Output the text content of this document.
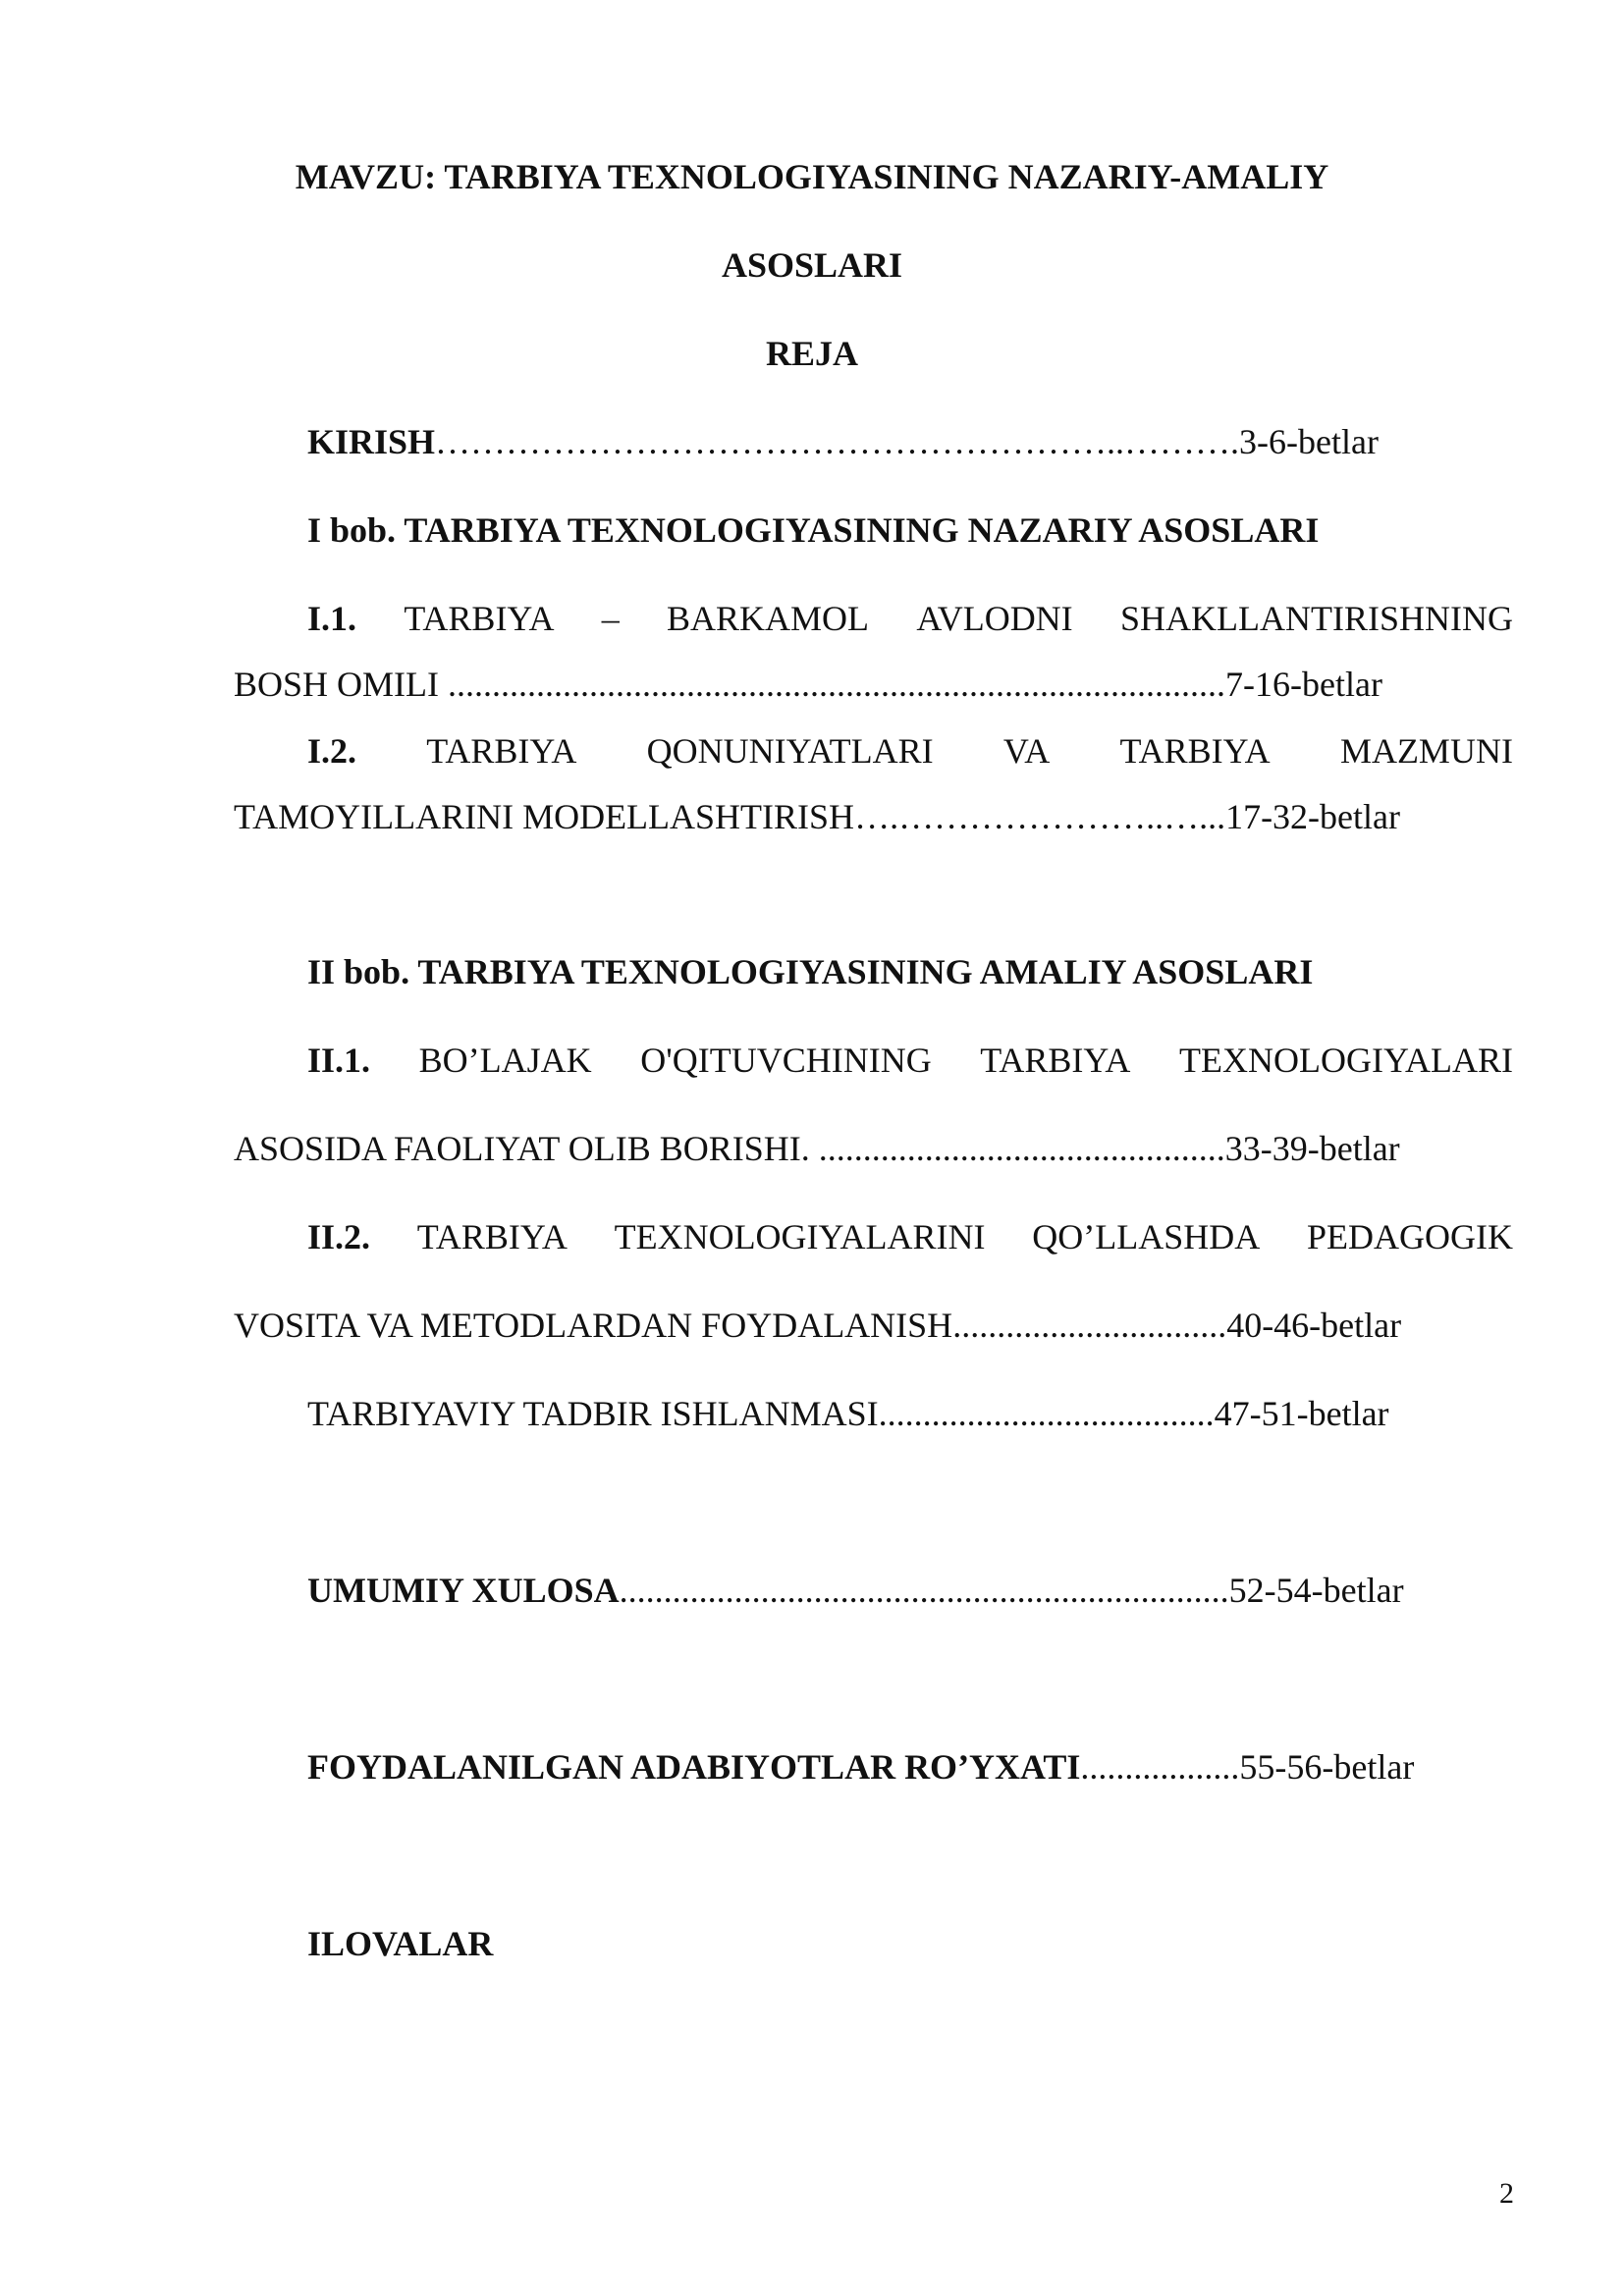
MAVZU: TARBIYA TEXNOLOGIYASINING NAZARIY-AMALIY
ASOSLARI
REJA
KIRISH…………………………………………………..……….3-6-betlar
I bob. TARBIYA TEXNOLOGIYASINING NAZARIY ASOSLARI
I.1. TARBIYA – BARKAMOL AVLODNI SHAKLLANTIRISHNING
BOSH OMILI ........................................................................................7-16-betlar
I.2. TARBIYA QONUNIYATLARI VA TARBIYA MAZMUNI
TAMOYILLARINI MODELLASHTIRISH….…………………..…...17-32-betlar
II bob. TARBIYA TEXNOLOGIYASINING AMALIY ASOSLARI
II.1. BO’LAJAK O'QITUVCHINING TARBIYA TEXNOLOGIYALARI
ASOSIDA FAOLIYAT OLIB BORISHI. ..............................................33-39-betlar
II.2. TARBIYA TEXNOLOGIYALARINI QO’LLASHDA PEDAGOGIK
VOSITA VA METODLARDAN FOYDALANISH...............................40-46-betlar
TARBIYAVIY TADBIR ISHLANMASI......................................47-51-betlar
UMUMIY XULOSA.....................................................................52-54-betlar
FOYDALANILGAN ADABIYOTLAR RO’YXATI..................55-56-betlar
ILOVALAR
2
